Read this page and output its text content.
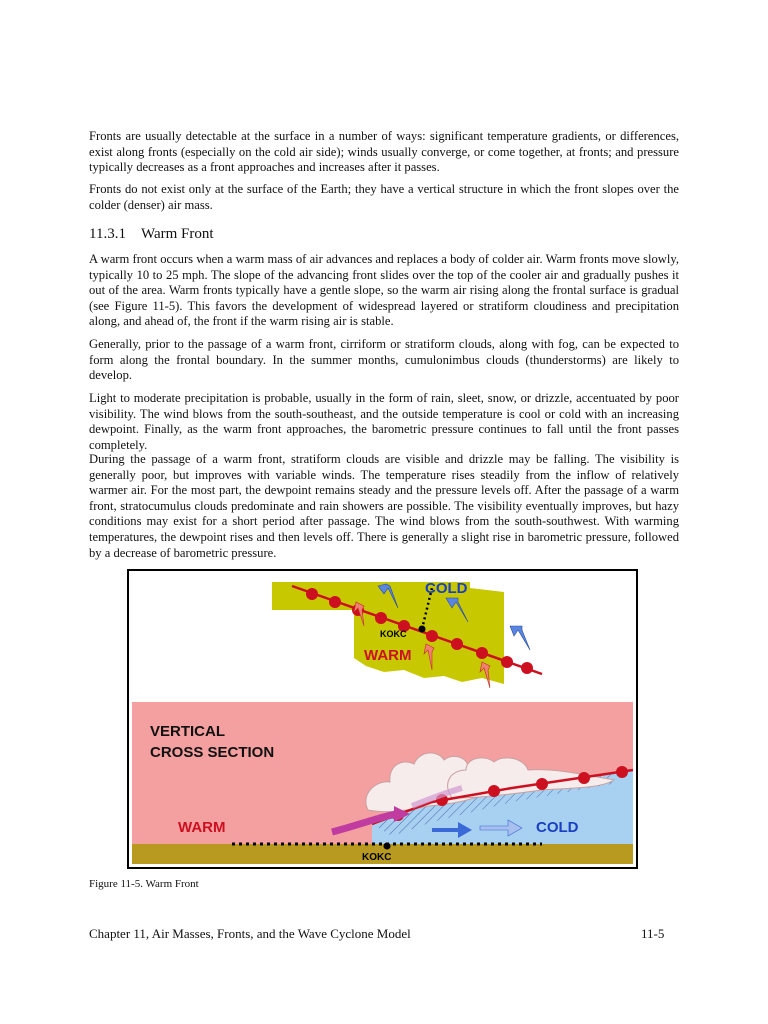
Fronts are usually detectable at the surface in a number of ways: significant temperature gradients, or differences, exist along fronts (especially on the cold air side); winds usually converge, or come together, at fronts; and pressure typically decreases as a front approaches and increases after it passes.

Fronts do not exist only at the surface of the Earth; they have a vertical structure in which the front slopes over the colder (denser) air mass.

11.3.1 Warm Front

A warm front occurs when a warm mass of air advances and replaces a body of colder air. Warm fronts move slowly, typically 10 to 25 mph. The slope of the advancing front slides over the top of the cooler air and gradually pushes it out of the area. Warm fronts typically have a gentle slope, so the warm air rising along the frontal surface is gradual (see Figure 11-5). This favors the development of widespread layered or stratiform cloudiness and precipitation along, and ahead of, the front if the warm rising air is stable.

Generally, prior to the passage of a warm front, cirriform or stratiform clouds, along with fog, can be expected to form along the frontal boundary. In the summer months, cumulonimbus clouds (thunderstorms) are likely to develop.

Light to moderate precipitation is probable, usually in the form of rain, sleet, snow, or drizzle, accentuated by poor visibility. The wind blows from the south-southeast, and the outside temperature is cool or cold with an increasing dewpoint. Finally, as the warm front approaches, the barometric pressure continues to fall until the front passes completely.

During the passage of a warm front, stratiform clouds are visible and drizzle may be falling. The visibility is generally poor, but improves with variable winds. The temperature rises steadily from the inflow of relatively warmer air. For the most part, the dewpoint remains steady and the pressure levels off. After the passage of a warm front, stratocumulus clouds predominate and rain showers are possible. The visibility eventually improves, but hazy conditions may exist for a short period after passage. The wind blows from the south-southwest. With warming temperatures, the dewpoint rises and then levels off. There is generally a slight rise in barometric pressure, followed by a decrease of barometric pressure.

COLD
KOKC
WARM
VERTICAL
CROSS SECTION
WARM	COLD
KOKC

Figure 11-5. Warm Front

Chapter 11, Air Masses, Fronts, and the Wave Cyclone Model	11-5
